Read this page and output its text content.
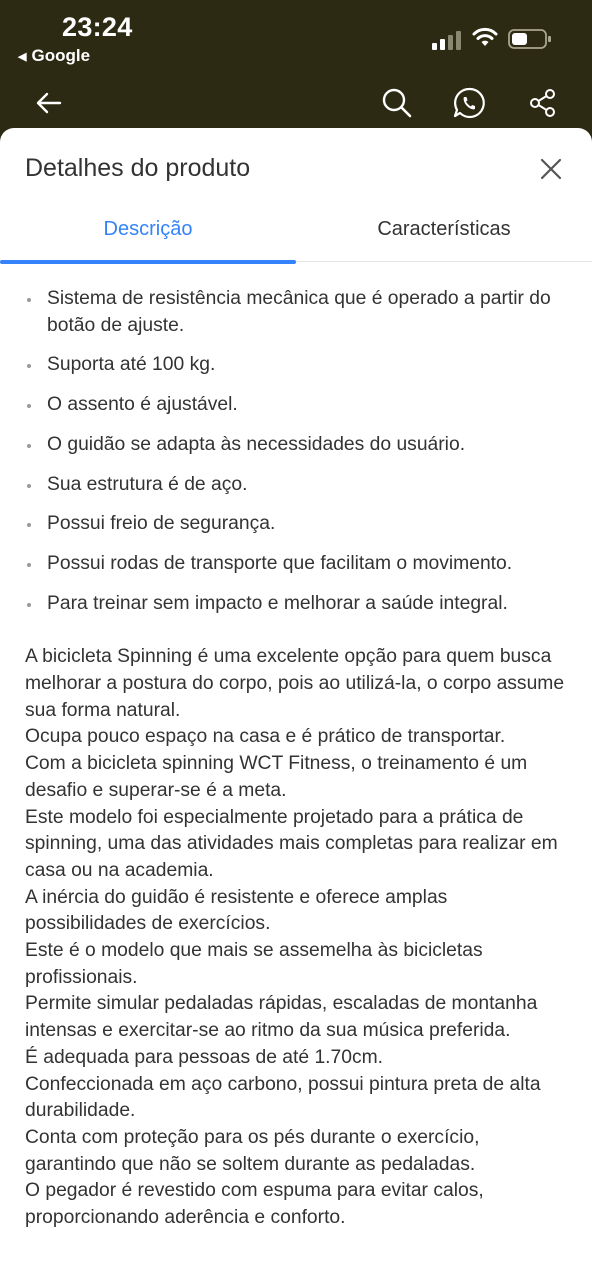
23:24
◀ Google
Detalhes do produto
Descrição	Características
Sistema de resistência mecânica que é operado a partir do botão de ajuste.
Suporta até 100 kg.
O assento é ajustável.
O guidão se adapta às necessidades do usuário.
Sua estrutura é de aço.
Possui freio de segurança.
Possui rodas de transporte que facilitam o movimento.
Para treinar sem impacto e melhorar a saúde integral.

A bicicleta Spinning é uma excelente opção para quem busca melhorar a postura do corpo, pois ao utilizá-la, o corpo assume sua forma natural.

Ocupa pouco espaço na casa e é prático de transportar.

Com a bicicleta spinning WCT Fitness, o treinamento é um desafio e superar-se é a meta.

Este modelo foi especialmente projetado para a prática de spinning, uma das atividades mais completas para realizar em casa ou na academia.

A inércia do guidão é resistente e oferece amplas possibilidades de exercícios.

Este é o modelo que mais se assemelha às bicicletas profissionais.

Permite simular pedaladas rápidas, escaladas de montanha intensas e exercitar-se ao ritmo da sua música preferida.

É adequada para pessoas de até 1.70cm.

Confeccionada em aço carbono, possui pintura preta de alta durabilidade.

Conta com proteção para os pés durante o exercício, garantindo que não se soltem durante as pedaladas.

O pegador é revestido com espuma para evitar calos, proporcionando aderência e conforto.
